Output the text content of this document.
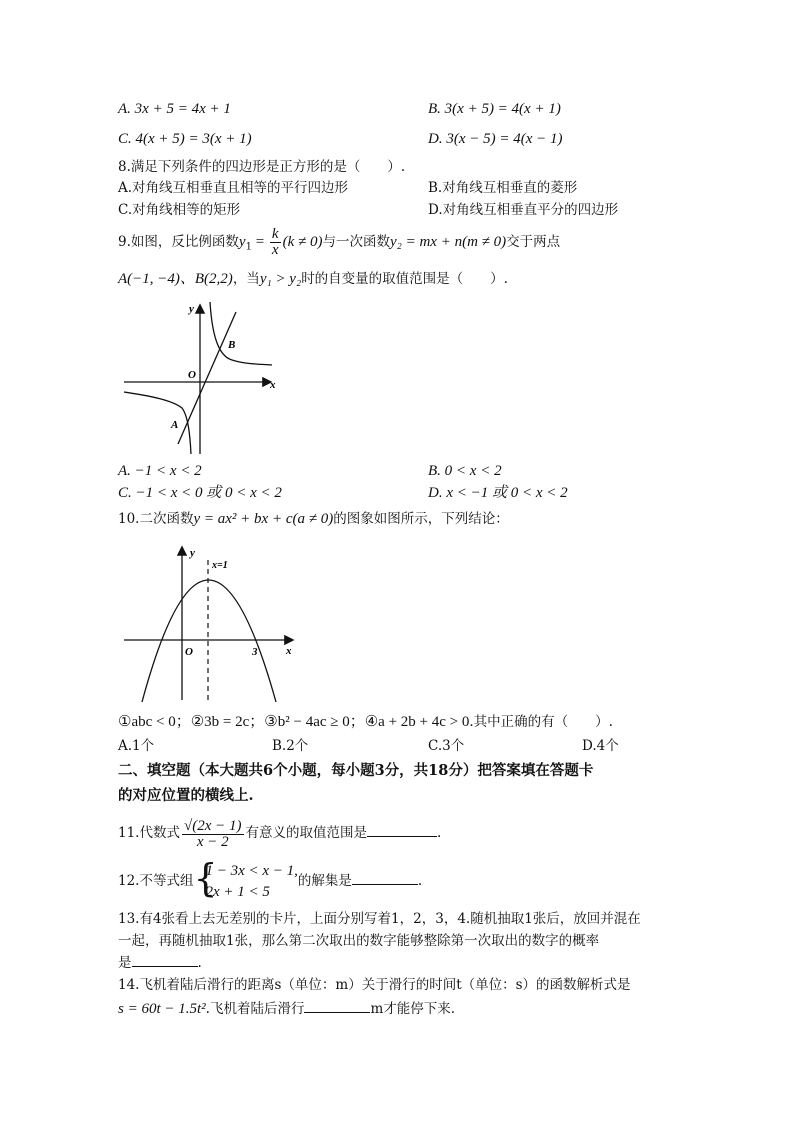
A. 3x + 5 = 4x + 1	B. 3(x + 5) = 4(x + 1)
C. 4(x + 5) = 3(x + 1)	D. 3(x − 5) = 4(x − 1)
8.满足下列条件的四边形是正方形的是（　　）.
A.对角线互相垂直且相等的平行四边形	B.对角线互相垂直的菱形
C.对角线相等的矩形	D.对角线互相垂直平分的四边形
9.如图，反比例函数$y_1 = \frac{k}{x} (k \ne 0)$与一次函数y₂ = mx + n(m ≠ 0)交于两点
A(−1, −4)、B(2,2)，当y₁ > y₂时的自变量的取值范围是（　　）.
y
x
O
B
A
A. −1 < x < 2	B. 0 < x < 2
C. −1 < x < 0 或 0 < x < 2	D. x < −1 或 0 < x < 2
10.二次函数y = ax² + bx + c(a ≠ 0)的图象如图所示，下列结论：
y
x
O
x=1
3
①abc < 0；②3b = 2c；③b² − 4ac ≥ 0；④a + 2b + 4c > 0.其中正确的有（　　）.
A.1个	B.2个	C.3个	D.4个
二、填空题（本大题共6个小题，每小题3分，共18分）把答案填在答题卡
的对应位置的横线上.
11.代数式 $\frac{√(2x - 1)}{x - 2}$ 有意义的取值范围是	.
12.不等式组 {
1 − 3x < x − 1,
2x + 1 < 5
的解集是	.
13.有4张看上去无差别的卡片，上面分别写着1，2，3，4.随机抽取1张后，放回并混在
一起，再随机抽取1张，那么第二次取出的数字能够整除第一次取出的数字的概率
是	.
14.飞机着陆后滑行的距离s（单位：m）关于滑行的时间t（单位：s）的函数解析式是
s = 60t − 1.5t².飞机着陆后滑行	m才能停下来.
